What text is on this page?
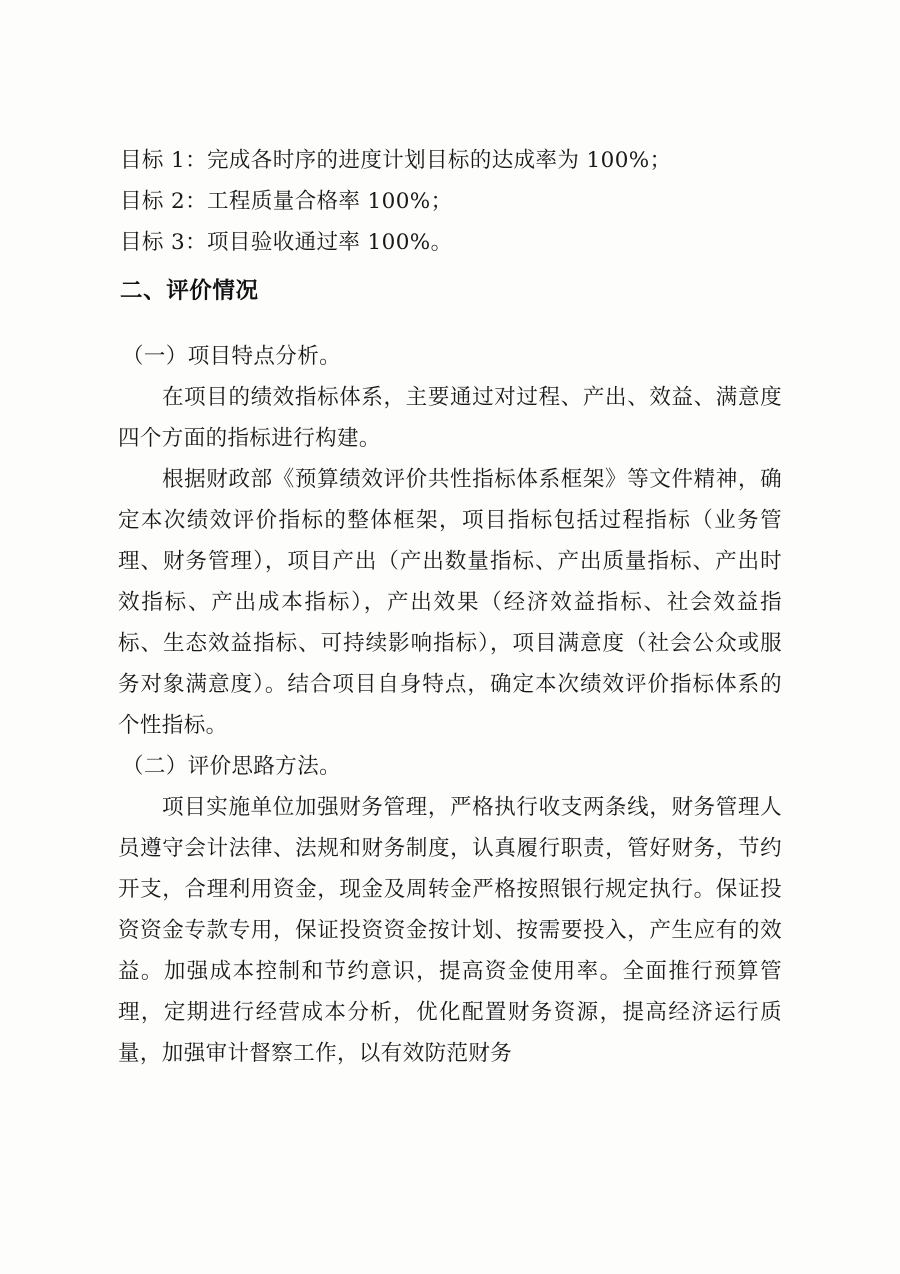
目标 1：完成各时序的进度计划目标的达成率为 100%；

目标 2：工程质量合格率 100%；

目标 3：项目验收通过率 100%。

二、评价情况

（一）项目特点分析。

在项目的绩效指标体系，主要通过对过程、产出、效益、满意度四个方面的指标进行构建。

根据财政部《预算绩效评价共性指标体系框架》等文件精神，确定本次绩效评价指标的整体框架，项目指标包括过程指标（业务管理、财务管理），项目产出（产出数量指标、产出质量指标、产出时效指标、产出成本指标），产出效果（经济效益指标、社会效益指标、生态效益指标、可持续影响指标），项目满意度（社会公众或服务对象满意度）。结合项目自身特点，确定本次绩效评价指标体系的个性指标。

（二）评价思路方法。

项目实施单位加强财务管理，严格执行收支两条线，财务管理人员遵守会计法律、法规和财务制度，认真履行职责，管好财务，节约开支，合理利用资金，现金及周转金严格按照银行规定执行。保证投资资金专款专用，保证投资资金按计划、按需要投入，产生应有的效益。加强成本控制和节约意识，提高资金使用率。全面推行预算管理，定期进行经营成本分析，优化配置财务资源，提高经济运行质量，加强审计督察工作，以有效防范财务
